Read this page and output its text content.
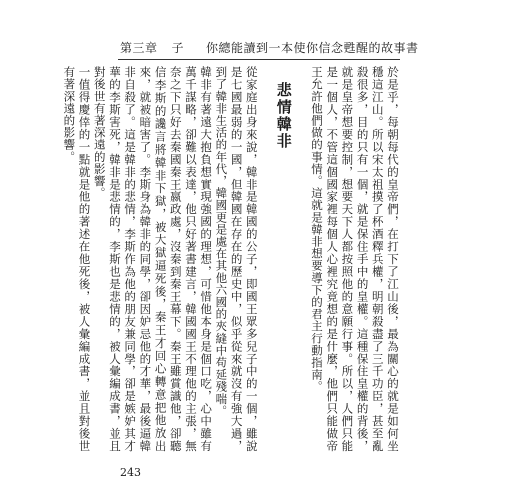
第三章 子 你總能讀到一本使你信念甦醒的故事書

於是乎，每朝每代的皇帝們，在打下了江山後，最為關心的就是如何坐穩這江山。所以宋太祖摸了杯酒釋兵權，明朝殺盡了三千功臣，甚至亂殺很多，目的只有一個，就是保住手中的皇權。這種保住皇權的背後，就是皇帝想要控制，想要天下人都按照他的意願行事。所以，人們只能是一個人，不管這個國家裡每個人心裡究竟想的是什麼，他們只能做帝王允許他們做的事情。這就是韓非想要導下的君主行動指南。

悲情韓非

從家庭出身來說，韓非是韓國的公子，即國王眾多兒子中的一個，雖說是七國最弱的一國，但韓國在存在的歷史中，似乎從來就沒有強大過，到了韓非生活的年代，韓國更是處在其他六國的夾縫中苟延殘喘。

韓非有著遠大抱負想實現強國的理想，可惜他本身是個口吃，心中雖有萬千謀略，卻難以表達，他只好著書建言，韓國國王不理他的主張，無奈之下只好去秦國秦王嬴政處，沒秦到秦王幕下。秦王雖賞識他，卻聽信李斯的讒言將韓非下獄，被大獄逼死後，秦王才回心轉意把他放出來，就被暗害了。李斯身為韓非的同學，卻因妒忌他的才華，最後逼韓非自殺了。這是韓非的悲情，李斯作為他的朋友兼同學，卻是嫉妒其才華的李斯害死，韓非是悲情的，李斯也是悲情的，被人彙編成書，並且對後世有著深遠的影響。

一值得慶倖的一點就是他的著述在他死後，被人彙編成書，並且對後世有著深遠的影響。

243
